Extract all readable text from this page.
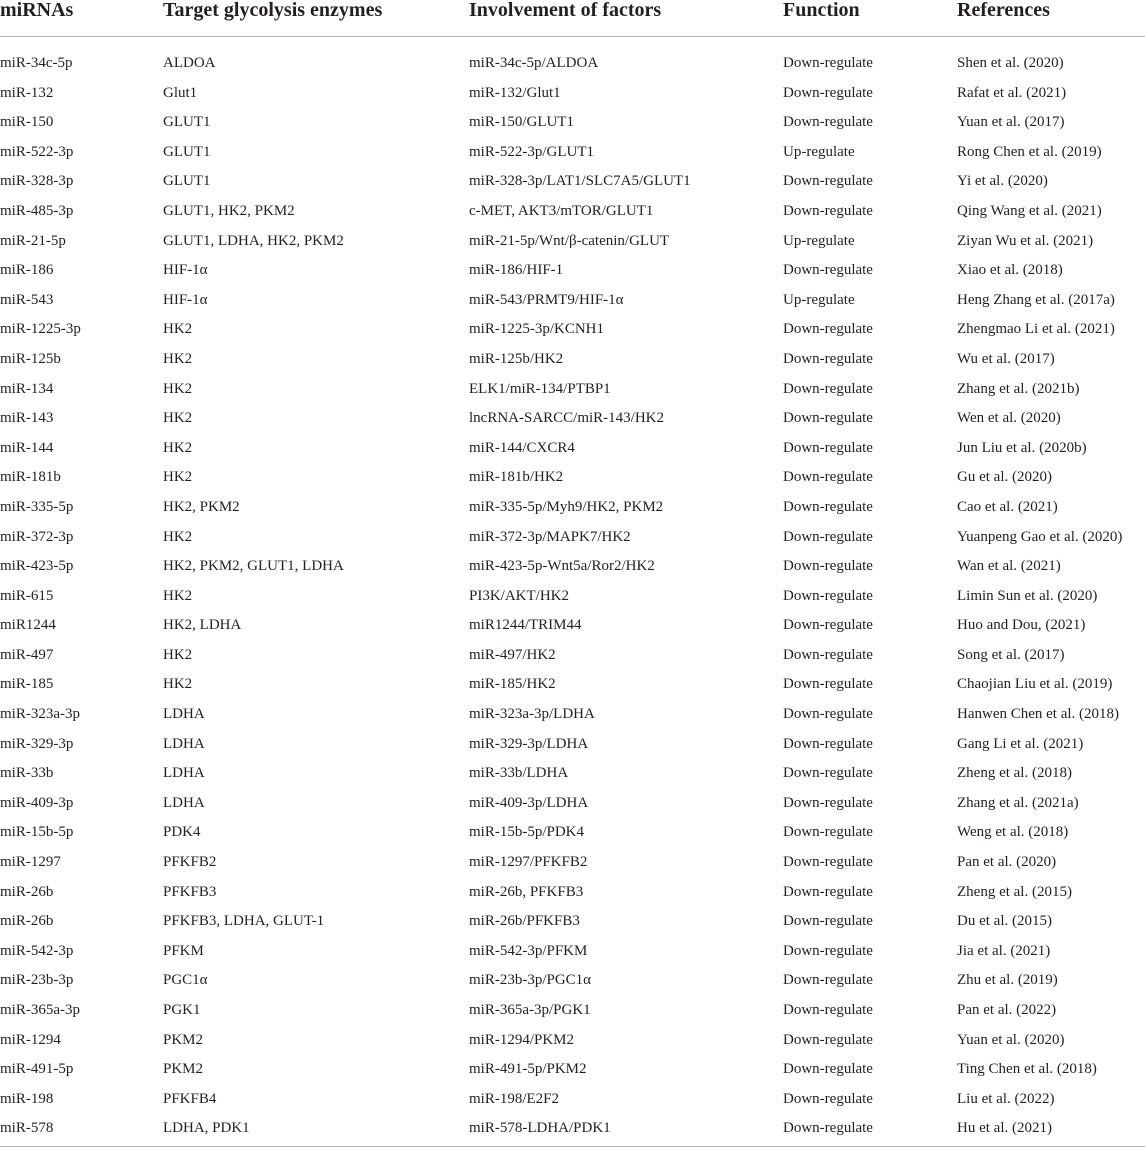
miRNAs	Target glycolysis enzymes	Involvement of factors	Function	References
miR-34c-5p	ALDOA	miR-34c-5p/ALDOA	Down-regulate	Shen et al. (2020)
miR-132	Glut1	miR-132/Glut1	Down-regulate	Rafat et al. (2021)
miR-150	GLUT1	miR-150/GLUT1	Down-regulate	Yuan et al. (2017)
miR-522-3p	GLUT1	miR-522-3p/GLUT1	Up-regulate	Rong Chen et al. (2019)
miR-328-3p	GLUT1	miR-328-3p/LAT1/SLC7A5/GLUT1	Down-regulate	Yi et al. (2020)
miR-485-3p	GLUT1, HK2, PKM2	c-MET, AKT3/mTOR/GLUT1	Down-regulate	Qing Wang et al. (2021)
miR-21-5p	GLUT1, LDHA, HK2, PKM2	miR-21-5p/Wnt/β-catenin/GLUT	Up-regulate	Ziyan Wu et al. (2021)
miR-186	HIF-1α	miR-186/HIF-1	Down-regulate	Xiao et al. (2018)
miR-543	HIF-1α	miR-543/PRMT9/HIF-1α	Up-regulate	Heng Zhang et al. (2017a)
miR-1225-3p	HK2	miR-1225-3p/KCNH1	Down-regulate	Zhengmao Li et al. (2021)
miR-125b	HK2	miR-125b/HK2	Down-regulate	Wu et al. (2017)
miR-134	HK2	ELK1/miR-134/PTBP1	Down-regulate	Zhang et al. (2021b)
miR-143	HK2	lncRNA-SARCC/miR-143/HK2	Down-regulate	Wen et al. (2020)
miR-144	HK2	miR-144/CXCR4	Down-regulate	Jun Liu et al. (2020b)
miR-181b	HK2	miR-181b/HK2	Down-regulate	Gu et al. (2020)
miR-335-5p	HK2, PKM2	miR-335-5p/Myh9/HK2, PKM2	Down-regulate	Cao et al. (2021)
miR-372-3p	HK2	miR-372-3p/MAPK7/HK2	Down-regulate	Yuanpeng Gao et al. (2020)
miR-423-5p	HK2, PKM2, GLUT1, LDHA	miR-423-5p-Wnt5a/Ror2/HK2	Down-regulate	Wan et al. (2021)
miR-615	HK2	PI3K/AKT/HK2	Down-regulate	Limin Sun et al. (2020)
miR1244	HK2, LDHA	miR1244/TRIM44	Down-regulate	Huo and Dou, (2021)
miR-497	HK2	miR-497/HK2	Down-regulate	Song et al. (2017)
miR-185	HK2	miR-185/HK2	Down-regulate	Chaojian Liu et al. (2019)
miR-323a-3p	LDHA	miR-323a-3p/LDHA	Down-regulate	Hanwen Chen et al. (2018)
miR-329-3p	LDHA	miR-329-3p/LDHA	Down-regulate	Gang Li et al. (2021)
miR-33b	LDHA	miR-33b/LDHA	Down-regulate	Zheng et al. (2018)
miR-409-3p	LDHA	miR-409-3p/LDHA	Down-regulate	Zhang et al. (2021a)
miR-15b-5p	PDK4	miR-15b-5p/PDK4	Down-regulate	Weng et al. (2018)
miR-1297	PFKFB2	miR-1297/PFKFB2	Down-regulate	Pan et al. (2020)
miR-26b	PFKFB3	miR-26b, PFKFB3	Down-regulate	Zheng et al. (2015)
miR-26b	PFKFB3, LDHA, GLUT-1	miR-26b/PFKFB3	Down-regulate	Du et al. (2015)
miR-542-3p	PFKM	miR-542-3p/PFKM	Down-regulate	Jia et al. (2021)
miR-23b-3p	PGC1α	miR-23b-3p/PGC1α	Down-regulate	Zhu et al. (2019)
miR-365a-3p	PGK1	miR-365a-3p/PGK1	Down-regulate	Pan et al. (2022)
miR-1294	PKM2	miR-1294/PKM2	Down-regulate	Yuan et al. (2020)
miR-491-5p	PKM2	miR-491-5p/PKM2	Down-regulate	Ting Chen et al. (2018)
miR-198	PFKFB4	miR-198/E2F2	Down-regulate	Liu et al. (2022)
miR-578	LDHA, PDK1	miR-578-LDHA/PDK1	Down-regulate	Hu et al. (2021)
